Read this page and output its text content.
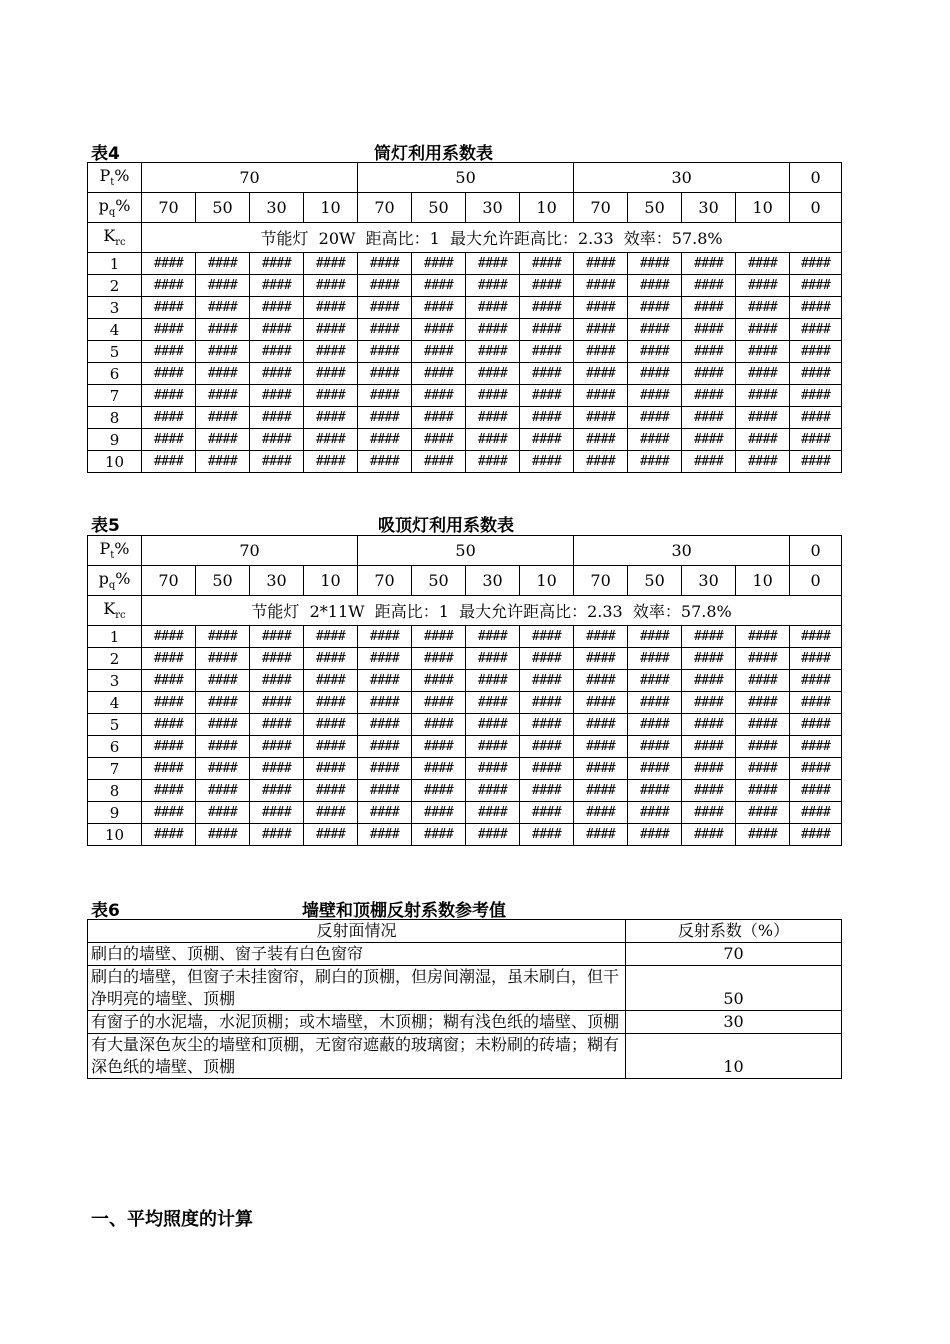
表4	筒灯利用系数表
$P_t\%$	70				50				30				0
$p_q\%$	70	50	30	10	70	50	30	10	70	50	30	10	0
$K_{rc}$	节能灯  20W  距高比：1  最大允许距高比：2.33  效率：57.8%												
1	####	####	####	####	####	####	####	####	####	####	####	####	####
2	####	####	####	####	####	####	####	####	####	####	####	####	####
3	####	####	####	####	####	####	####	####	####	####	####	####	####
4	####	####	####	####	####	####	####	####	####	####	####	####	####
5	####	####	####	####	####	####	####	####	####	####	####	####	####
6	####	####	####	####	####	####	####	####	####	####	####	####	####
7	####	####	####	####	####	####	####	####	####	####	####	####	####
8	####	####	####	####	####	####	####	####	####	####	####	####	####
9	####	####	####	####	####	####	####	####	####	####	####	####	####
10	####	####	####	####	####	####	####	####	####	####	####	####	####
表5	吸顶灯利用系数表
$P_t\%$	70				50				30				0
$p_q\%$	70	50	30	10	70	50	30	10	70	50	30	10	0
$K_{rc}$	节能灯  2*11W  距高比：1  最大允许距高比：2.33  效率：57.8%												
1	####	####	####	####	####	####	####	####	####	####	####	####	####
2	####	####	####	####	####	####	####	####	####	####	####	####	####
3	####	####	####	####	####	####	####	####	####	####	####	####	####
4	####	####	####	####	####	####	####	####	####	####	####	####	####
5	####	####	####	####	####	####	####	####	####	####	####	####	####
6	####	####	####	####	####	####	####	####	####	####	####	####	####
7	####	####	####	####	####	####	####	####	####	####	####	####	####
8	####	####	####	####	####	####	####	####	####	####	####	####	####
9	####	####	####	####	####	####	####	####	####	####	####	####	####
10	####	####	####	####	####	####	####	####	####	####	####	####	####
表6	墙壁和顶棚反射系数参考值
反射面情况	反射系数（%）
刷白的墙壁、顶棚、窗子装有白色窗帘	70
刷白的墙壁，但窗子未挂窗帘，刷白的顶棚，但房间潮湿，虽未刷白，但干净明亮的墙壁、顶棚	50
有窗子的水泥墙，水泥顶棚；或木墙壁，木顶棚；糊有浅色纸的墙壁、顶棚	30
有大量深色灰尘的墙壁和顶棚，无窗帘遮蔽的玻璃窗；未粉刷的砖墙；糊有深色纸的墙壁、顶棚	10
一、平均照度的计算
